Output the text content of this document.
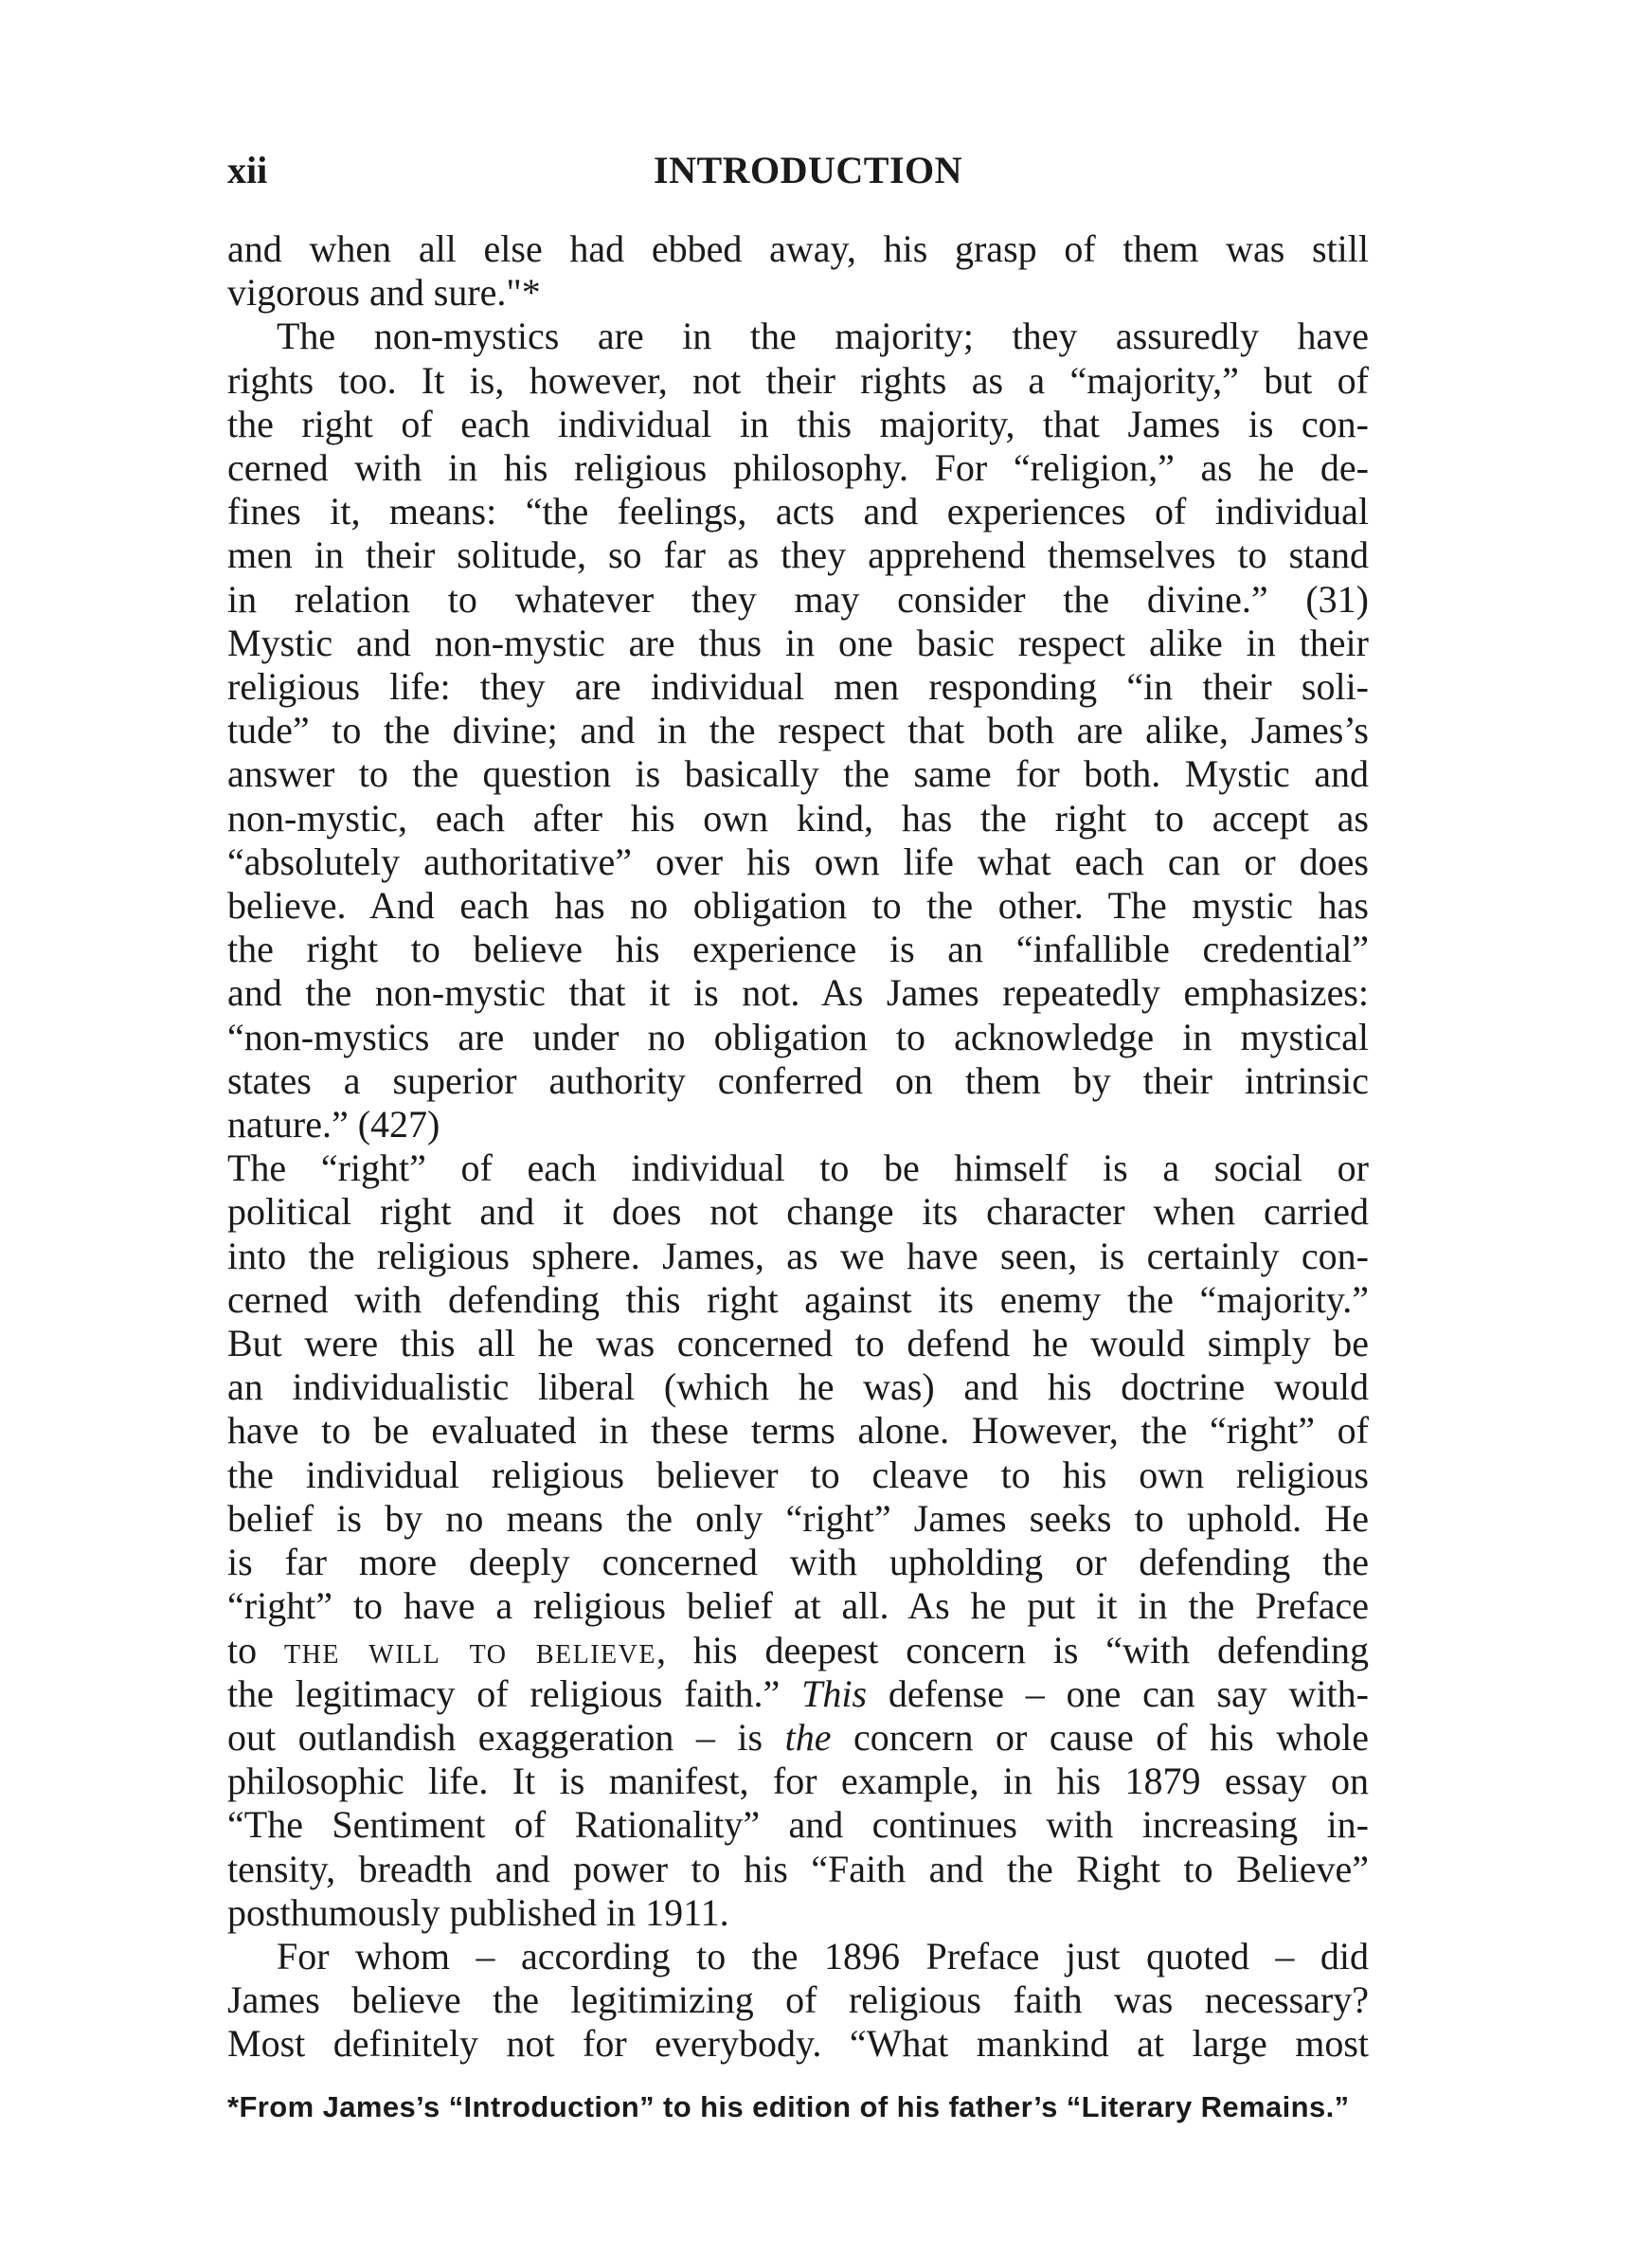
xii	INTRODUCTION
and when all else had ebbed away, his grasp of them was still
vigorous and sure."*
The non-mystics are in the majority; they assuredly have
rights too. It is, however, not their rights as a “majority,” but of
the right of each individual in this majority, that James is con-
cerned with in his religious philosophy. For “religion,” as he de-
fines it, means: “the feelings, acts and experiences of individual
men in their solitude, so far as they apprehend themselves to stand
in relation to whatever they may consider the divine.” (31)
Mystic and non-mystic are thus in one basic respect alike in their
religious life: they are individual men responding “in their soli-
tude” to the divine; and in the respect that both are alike, James’s
answer to the question is basically the same for both. Mystic and
non-mystic, each after his own kind, has the right to accept as
“absolutely authoritative” over his own life what each can or does
believe. And each has no obligation to the other. The mystic has
the right to believe his experience is an “infallible credential”
and the non-mystic that it is not. As James repeatedly emphasizes:
“non-mystics are under no obligation to acknowledge in mystical
states a superior authority conferred on them by their intrinsic
nature.” (427)
The “right” of each individual to be himself is a social or
political right and it does not change its character when carried
into the religious sphere. James, as we have seen, is certainly con-
cerned with defending this right against its enemy the “majority.”
But were this all he was concerned to defend he would simply be
an individualistic liberal (which he was) and his doctrine would
have to be evaluated in these terms alone. However, the “right” of
the individual religious believer to cleave to his own religious
belief is by no means the only “right” James seeks to uphold. He
is far more deeply concerned with upholding or defending the
“right” to have a religious belief at all. As he put it in the Preface
to the will to believe, his deepest concern is “with defending
the legitimacy of religious faith.” This defense – one can say with-
out outlandish exaggeration – is the concern or cause of his whole
philosophic life. It is manifest, for example, in his 1879 essay on
“The Sentiment of Rationality” and continues with increasing in-
tensity, breadth and power to his “Faith and the Right to Believe”
posthumously published in 1911.
For whom – according to the 1896 Preface just quoted – did
James believe the legitimizing of religious faith was necessary?
Most definitely not for everybody. “What mankind at large most
*From James’s “Introduction” to his edition of his father’s “Literary Remains.”
